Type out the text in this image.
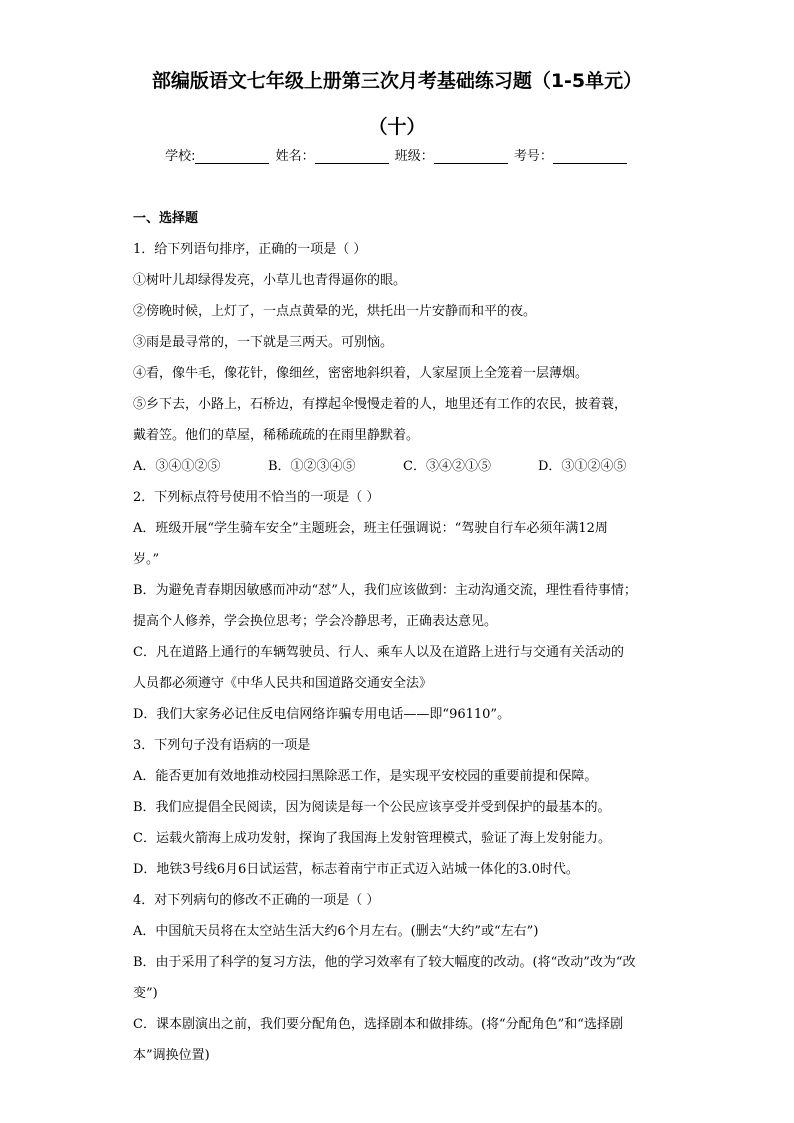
部编版语文七年级上册第三次月考基础练习题（1-5单元）
（十）
学校:	姓名：	班级：	考号：
一、选择题
1．给下列语句排序，正确的一项是（ ）
①树叶儿却绿得发亮，小草儿也青得逼你的眼。
②傍晚时候，上灯了，一点点黄晕的光，烘托出一片安静而和平的夜。
③雨是最寻常的，一下就是三两天。可别恼。
④看，像牛毛，像花针，像细丝，密密地斜织着，人家屋顶上全笼着一层薄烟。
⑤乡下去，小路上，石桥边，有撑起伞慢慢走着的人，地里还有工作的农民，披着蓑，
戴着笠。他们的草屋，稀稀疏疏的在雨里静默着。
A．③④①②⑤	B．①②③④⑤	C．③④②①⑤	D．③①②④⑤
2．下列标点符号使用不恰当的一项是（ ）
A．班级开展“学生骑车安全”主题班会，班主任强调说：“驾驶自行车必须年满12周
岁。”
B．为避免青春期因敏感而冲动“怼”人，我们应该做到：主动沟通交流，理性看待事情；
提高个人修养，学会换位思考；学会冷静思考，正确表达意见。
C．凡在道路上通行的车辆驾驶员、行人、乘车人以及在道路上进行与交通有关活动的
人员都必须遵守《中华人民共和国道路交通安全法》
D．我们大家务必记住反电信网络诈骗专用电话——即“96110”。
3．下列句子没有语病的一项是
A．能否更加有效地推动校园扫黑除恶工作，是实现平安校园的重要前提和保障。
B．我们应提倡全民阅读，因为阅读是每一个公民应该享受并受到保护的最基本的。
C．运载火箭海上成功发射，探询了我国海上发射管理模式，验证了海上发射能力。
D．地铁3号线6月6日试运营，标志着南宁市正式迈入站城一体化的3.0时代。
4．对下列病句的修改不正确的一项是（ ）
A．中国航天员将在太空站生活大约6个月左右。(删去“大约”或“左右”)
B．由于采用了科学的复习方法，他的学习效率有了较大幅度的改动。(将“改动”改为“改
变”)
C．课本剧演出之前，我们要分配角色，选择剧本和做排练。(将“分配角色”和“选择剧
本”调换位置)
